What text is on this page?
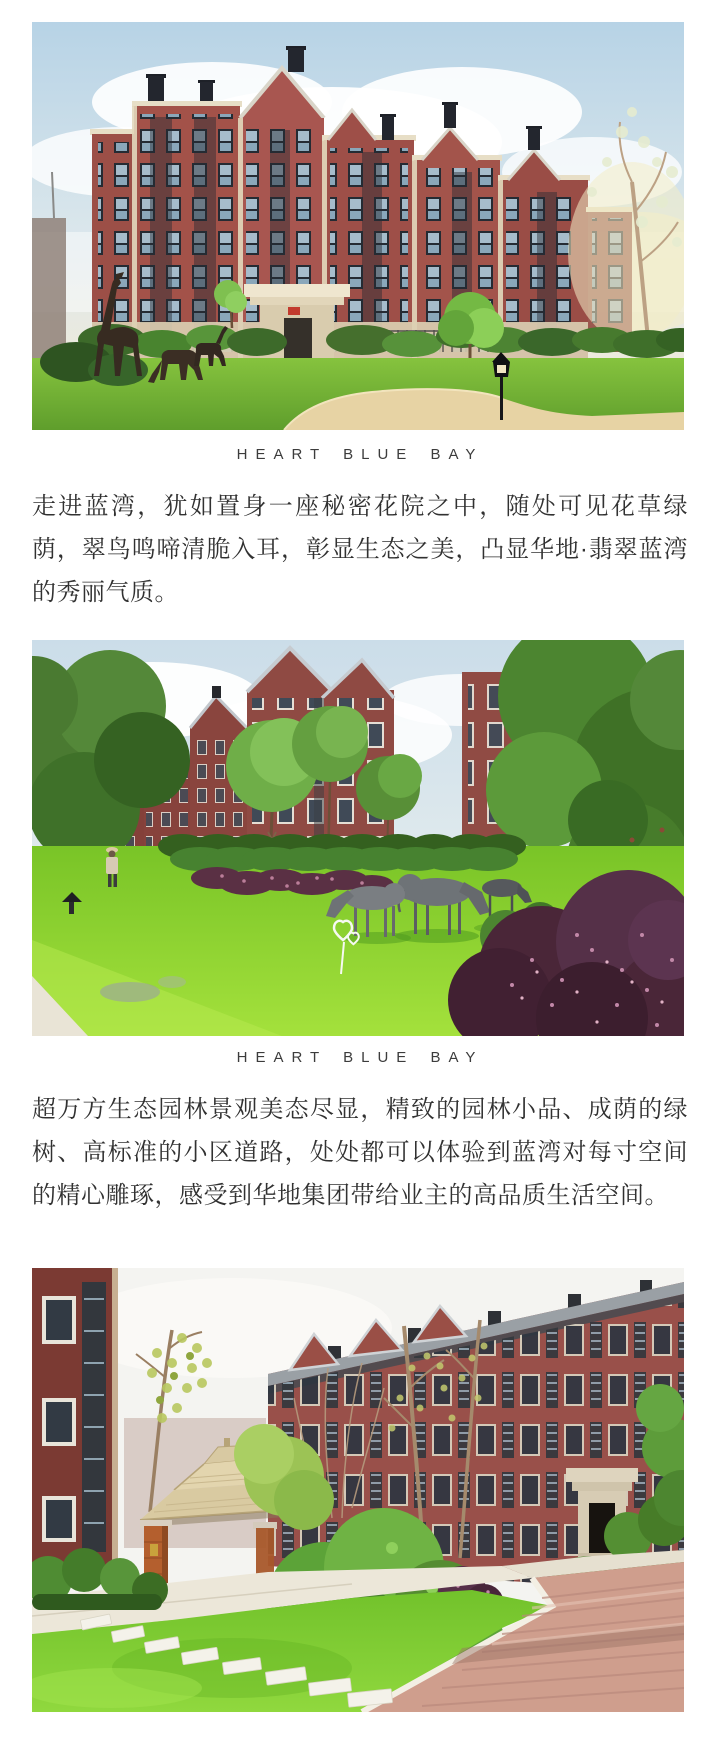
HEART BLUE BAY

走进蓝湾，犹如置身一座秘密花院之中，随处可见花草绿荫，翠鸟鸣啼清脆入耳，彰显生态之美，凸显华地·翡翠蓝湾的秀丽气质。

HEART BLUE BAY

超万方生态园林景观美态尽显，精致的园林小品、成荫的绿树、高标准的小区道路，处处都可以体验到蓝湾对每寸空间的精心雕琢，感受到华地集团带给业主的高品质生活空间。
